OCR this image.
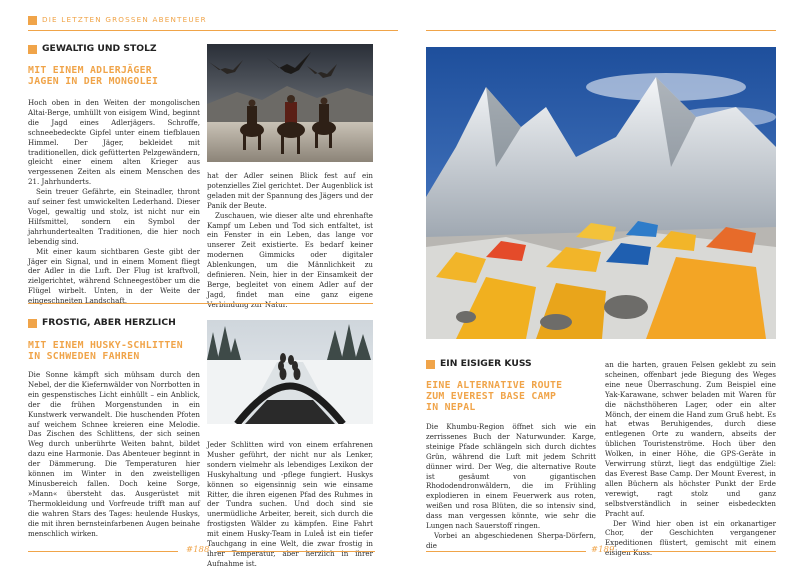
DIE LETZTEN GROSSEN ABENTEUER
GEWALTIG UND STOLZ
MIT EINEM ADLERJÄGER
JAGEN IN DER MONGOLEI

Hoch oben in den Weiten der mongolischen Altai-Berge, umhüllt von eisigem Wind, beginnt die Jagd eines Adlerjägers. Schroffe, schneebedeckte Gipfel unter einem tiefblauen Himmel. Der Jäger, bekleidet mit traditionellen, dick gefütterten Pelzgewändern, gleicht einer einem alten Krieger aus vergessenen Zeiten als einem Menschen des 21. Jahrhunderts.

Sein treuer Gefährte, ein Steinadler, thront auf seiner fest umwickelten Lederhand. Dieser Vogel, gewaltig und stolz, ist nicht nur ein Hilfsmittel, sondern ein Symbol der jahrhundertealten Traditionen, die hier noch lebendig sind.

Mit einer kaum sichtbaren Geste gibt der Jäger ein Signal, und in einem Moment fliegt der Adler in die Luft. Der Flug ist kraftvoll, zielgerichtet, während Schneegestöber um die Flügel wirbelt. Unten, in der Weite der eingeschneiten Landschaft,

hat der Adler seinen Blick fest auf ein potenzielles Ziel gerichtet. Der Augenblick ist geladen mit der Spannung des Jägers und der Panik der Beute.

Zuschauen, wie dieser alte und ehrenhafte Kampf um Leben und Tod sich entfaltet, ist ein Fenster in ein Leben, das lange vor unserer Zeit existierte. Es bedarf keiner modernen Gimmicks oder digitaler Ablenkungen, um die Männlichkeit zu definieren. Nein, hier in der Einsamkeit der Berge, begleitet von einem Adler auf der Jagd, findet man eine ganz eigene Verbindung zur Natur.

FROSTIG, ABER HERZLICH
MIT EINEM HUSKY-SCHLITTEN
IN SCHWEDEN FAHREN

Die Sonne kämpft sich mühsam durch den Nebel, der die Kiefernwälder von Norrbotten in ein gespenstisches Licht einhüllt – ein Anblick, der die frühen Morgenstunden in ein Kunstwerk verwandelt. Die huschenden Pfoten auf weichem Schnee kreieren eine Melodie. Das Zischen des Schlittens, der sich seinen Weg durch unberührte Weiten bahnt, bildet dazu eine Harmonie. Das Abenteuer beginnt in der Dämmerung. Die Temperaturen hier können im Winter in den zweistelligen Minusbereich fallen. Doch keine Sorge, »Mann« übersteht das. Ausgerüstet mit Thermokleidung und Vorfreude trifft man auf die wahren Stars des Tages: heulende Huskys, die mit ihren bernsteinfarbenen Augen beinahe menschlich wirken.

Jeder Schlitten wird von einem erfahrenen Musher geführt, der nicht nur als Lenker, sondern vielmehr als lebendiges Lexikon der Huskyhaltung und -pflege fungiert. Huskys können so eigensinnig sein wie einsame Ritter, die ihren eigenen Pfad des Ruhmes in der Tundra suchen. Und doch sind sie unermüdliche Arbeiter, bereit, sich durch die frostigsten Wälder zu kämpfen. Eine Fahrt mit einem Husky-Team in Luleå ist ein tiefer Tauchgang in eine Welt, die zwar frostig in ihrer Temperatur, aber herzlich in ihrer Aufnahme ist.

#188
EIN EISIGER KUSS
EINE ALTERNATIVE ROUTE
ZUM EVEREST BASE CAMP
IN NEPAL

Die Khumbu-Region öffnet sich wie ein zerrissenes Buch der Naturwunder. Karge, steinige Pfade schlängeln sich durch dichtes Grün, während die Luft mit jedem Schritt dünner wird. Der Weg, die alternative Route ist gesäumt von gigantischen Rhododendronwäldern, die im Frühling explodieren in einem Feuerwerk aus roten, weißen und rosa Blüten, die so intensiv sind, dass man vergessen könnte, wie sehr die Lungen nach Sauerstoff ringen.

Vorbei an abgeschiedenen Sherpa-Dörfern, die

an die harten, grauen Felsen geklebt zu sein scheinen, offenbart jede Biegung des Weges eine neue Überraschung. Zum Beispiel eine Yak-Karawane, schwer beladen mit Waren für die nächsthöheren Lager, oder ein alter Mönch, der einem die Hand zum Gruß hebt. Es hat etwas Beruhigendes, durch diese entlegenen Orte zu wandern, abseits der üblichen Touristenströme. Hoch über den Wolken, in einer Höhe, die GPS-Geräte in Verwirrung stürzt, liegt das endgültige Ziel: das Everest Base Camp. Der Mount Everest, in allen Büchern als höchster Punkt der Erde verewigt, ragt stolz und ganz selbstverständlich in seiner eisbedeckten Pracht auf.

Der Wind hier oben ist ein orkanartiger Chor, der Geschichten vergangener Expeditionen flüstert, gemischt mit einem eisigen Kuss.

#189
